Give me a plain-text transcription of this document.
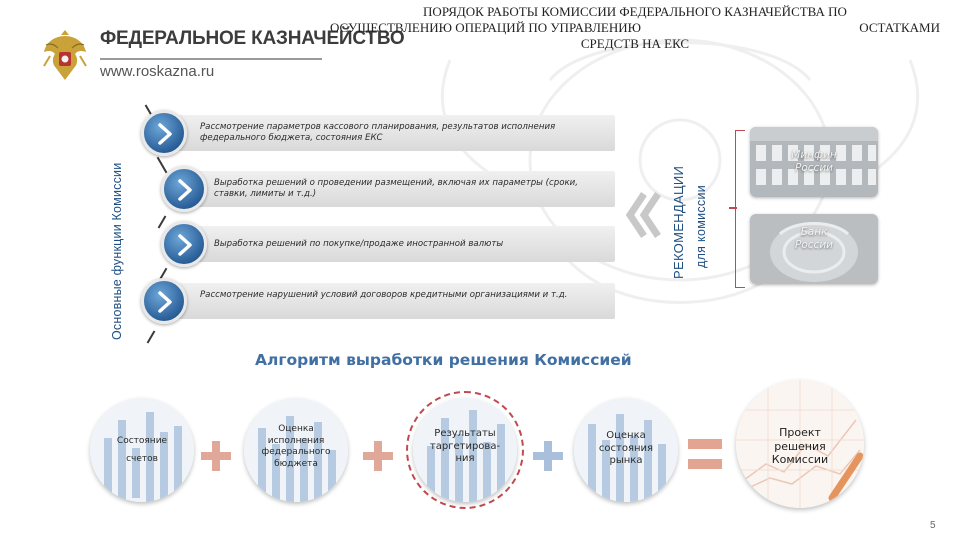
ФЕДЕРАЛЬНОЕ КАЗНАЧЕЙСТВО
www.roskazna.ru
ПОРЯДОК РАБОТЫ КОМИССИИ ФЕДЕРАЛЬНОГО КАЗНАЧЕЙСТВА ПО
ОСУЩЕСТВЛЕНИЮ ОПЕРАЦИЙ ПО УПРАВЛЕНИЮ	ОСТАТКАМИ
СРЕДСТВ НА ЕКС
Основные функции Комиссии
Рассмотрение параметров кассового планирования, результатов исполнения федерального бюджета, состояния ЕКС
Выработка решений о проведении размещений, включая их параметры (сроки, ставки, лимиты и т.д.)
Выработка решений по покупке/продаже иностранной валюты
Рассмотрение нарушений условий договоров кредитными организациями и т.д.
РЕКОМЕНДАЦИИ для комиссии
Минфин
России
Банк
России
Алгоритм выработки решения Комиссией
Состояние
счетов
Оценка
исполнения
федерального
бюджета
Результаты
таргетирова-
ния
Оценка
состояния
рынка
Проект
решения
Комиссии
5
